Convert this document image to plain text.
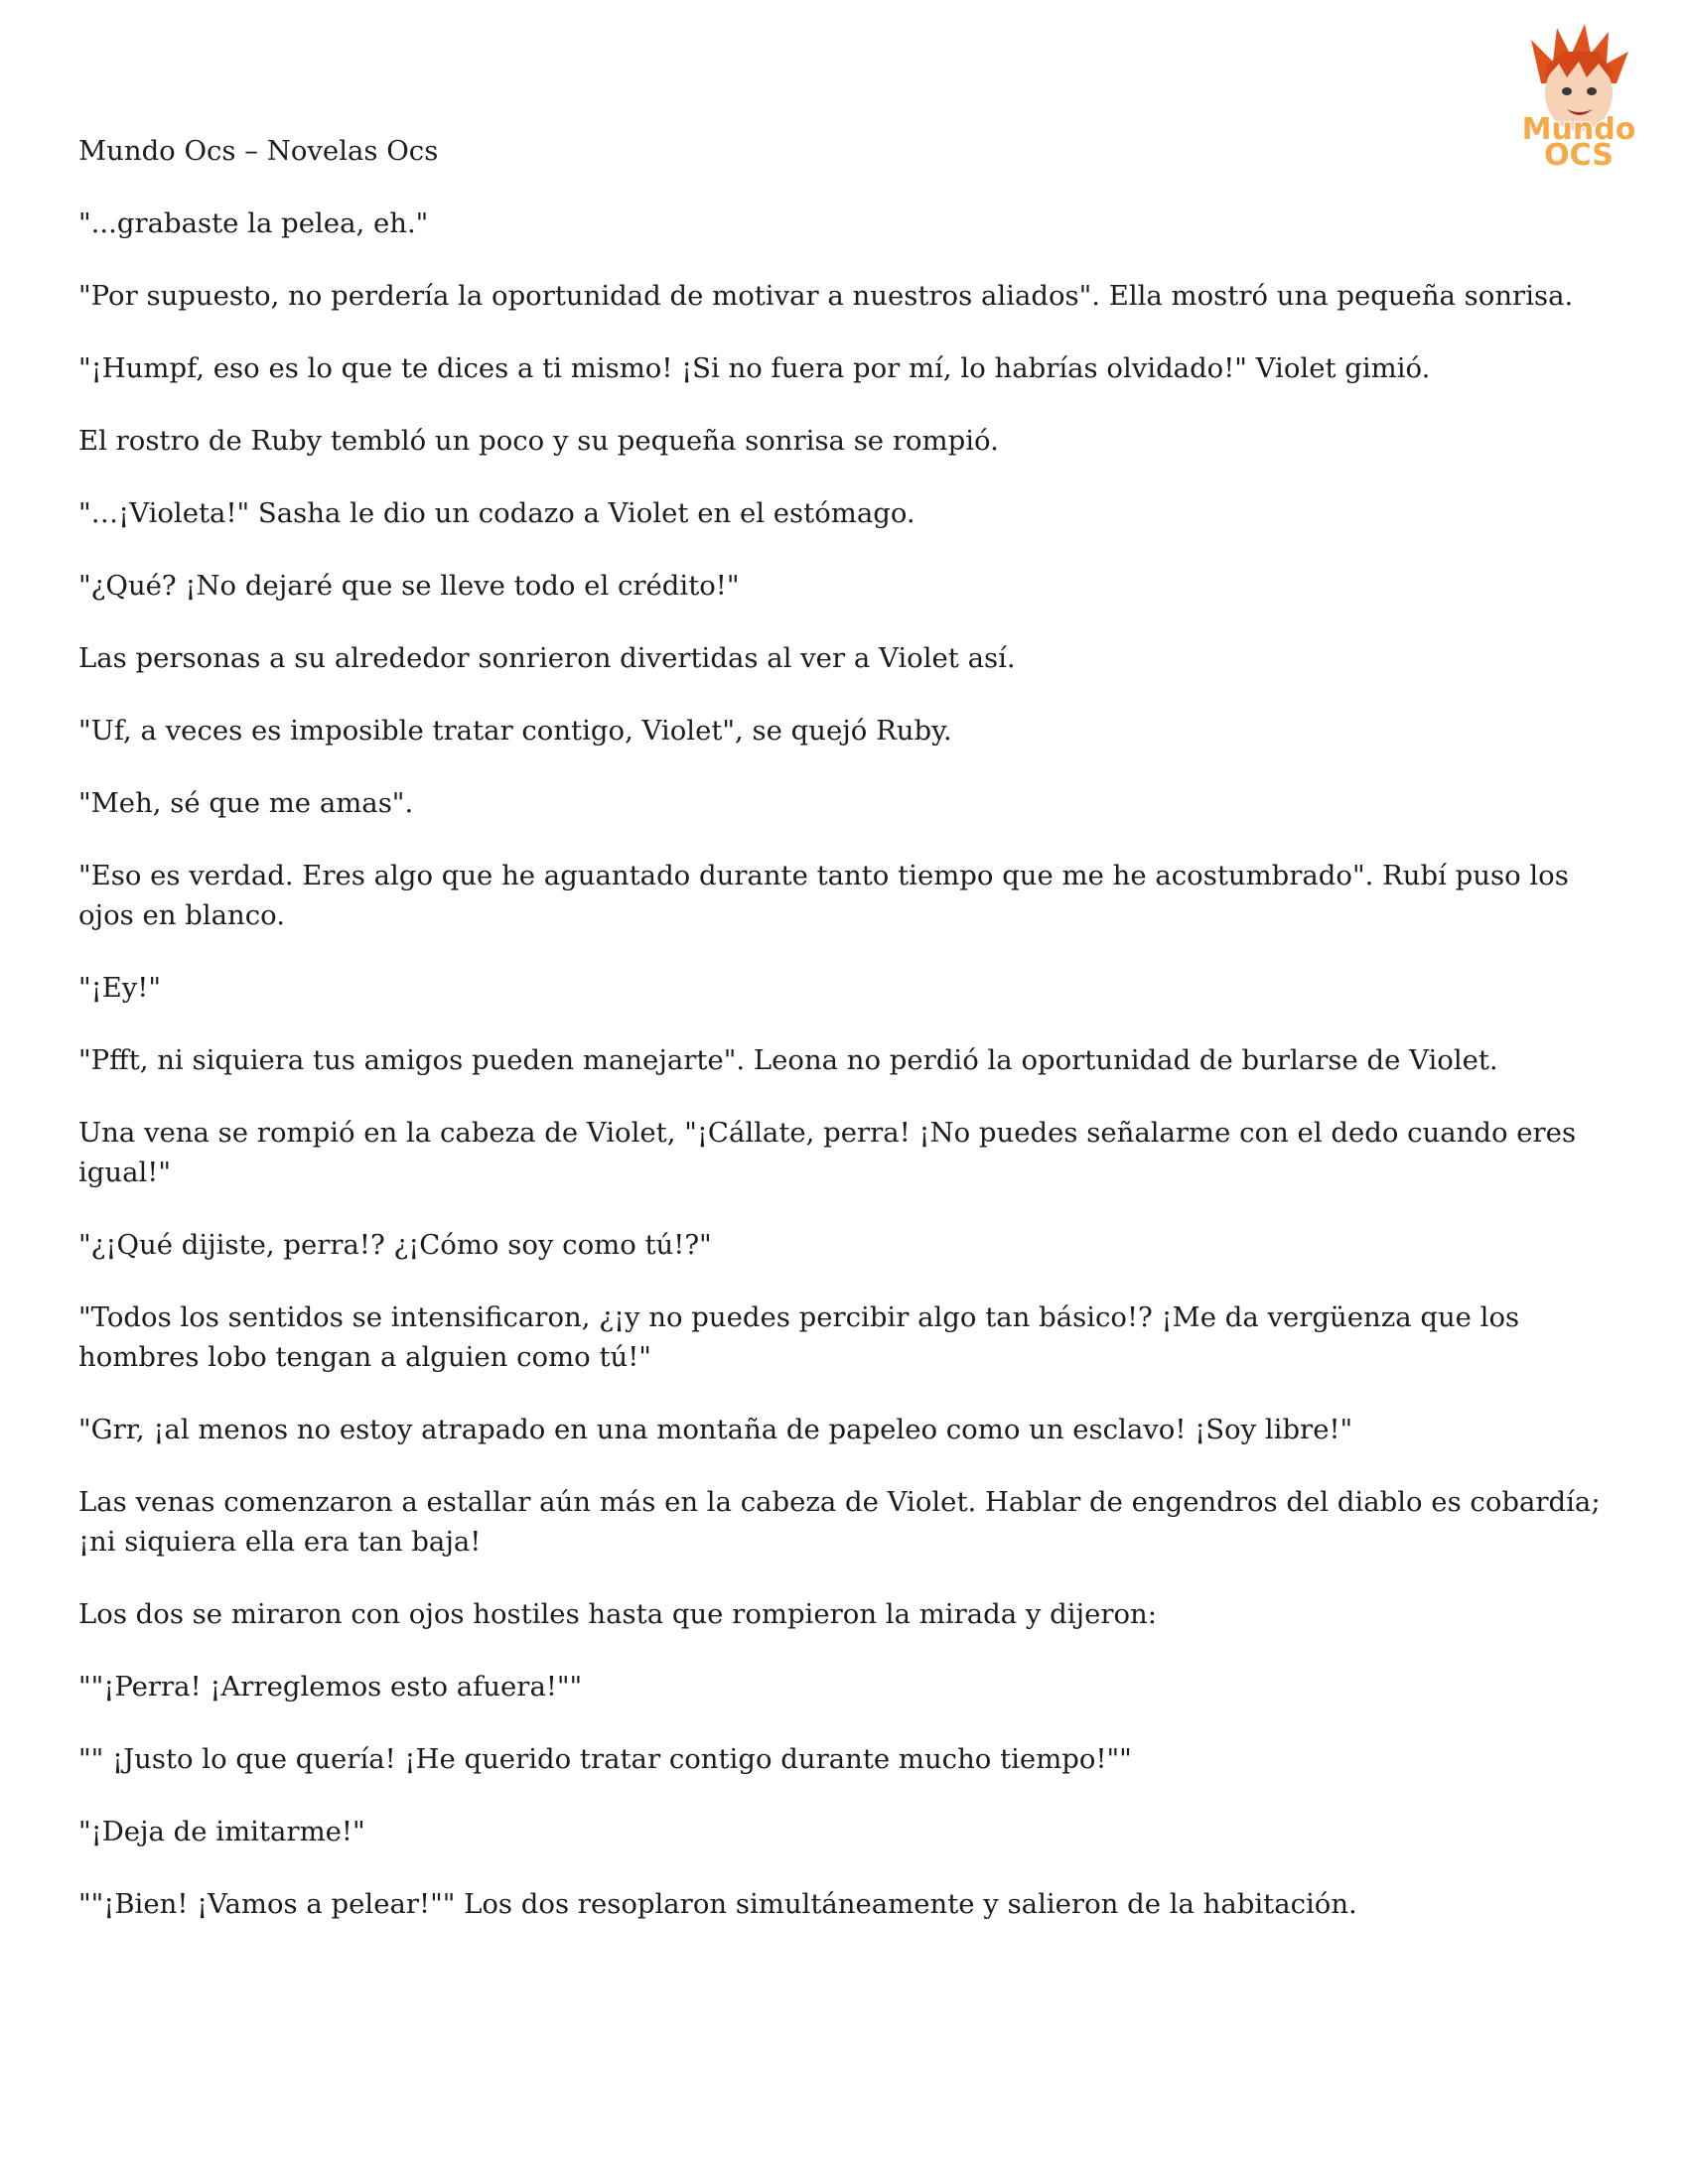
Mundo
OCS

Mundo Ocs – Novelas Ocs

"...grabaste la pelea, eh."

"Por supuesto, no perdería la oportunidad de motivar a nuestros aliados". Ella mostró una pequeña sonrisa.

"¡Humpf, eso es lo que te dices a ti mismo! ¡Si no fuera por mí, lo habrías olvidado!" Violet gimió.

El rostro de Ruby tembló un poco y su pequeña sonrisa se rompió.

"…¡Violeta!" Sasha le dio un codazo a Violet en el estómago.

"¿Qué? ¡No dejaré que se lleve todo el crédito!"

Las personas a su alrededor sonrieron divertidas al ver a Violet así.

"Uf, a veces es imposible tratar contigo, Violet", se quejó Ruby.

"Meh, sé que me amas".

"Eso es verdad. Eres algo que he aguantado durante tanto tiempo que me he acostumbrado". Rubí puso los ojos en blanco.

"¡Ey!"

"Pfft, ni siquiera tus amigos pueden manejarte". Leona no perdió la oportunidad de burlarse de Violet.

Una vena se rompió en la cabeza de Violet, "¡Cállate, perra! ¡No puedes señalarme con el dedo cuando eres igual!"

"¿¡Qué dijiste, perra!? ¿¡Cómo soy como tú!?"

"Todos los sentidos se intensificaron, ¿¡y no puedes percibir algo tan básico!? ¡Me da vergüenza que los hombres lobo tengan a alguien como tú!"

"Grr, ¡al menos no estoy atrapado en una montaña de papeleo como un esclavo! ¡Soy libre!"

Las venas comenzaron a estallar aún más en la cabeza de Violet. Hablar de engendros del diablo es cobardía; ¡ni siquiera ella era tan baja!

Los dos se miraron con ojos hostiles hasta que rompieron la mirada y dijeron:

""¡Perra! ¡Arreglemos esto afuera!""

"" ¡Justo lo que quería! ¡He querido tratar contigo durante mucho tiempo!""

"¡Deja de imitarme!"

""¡Bien! ¡Vamos a pelear!"" Los dos resoplaron simultáneamente y salieron de la habitación.
